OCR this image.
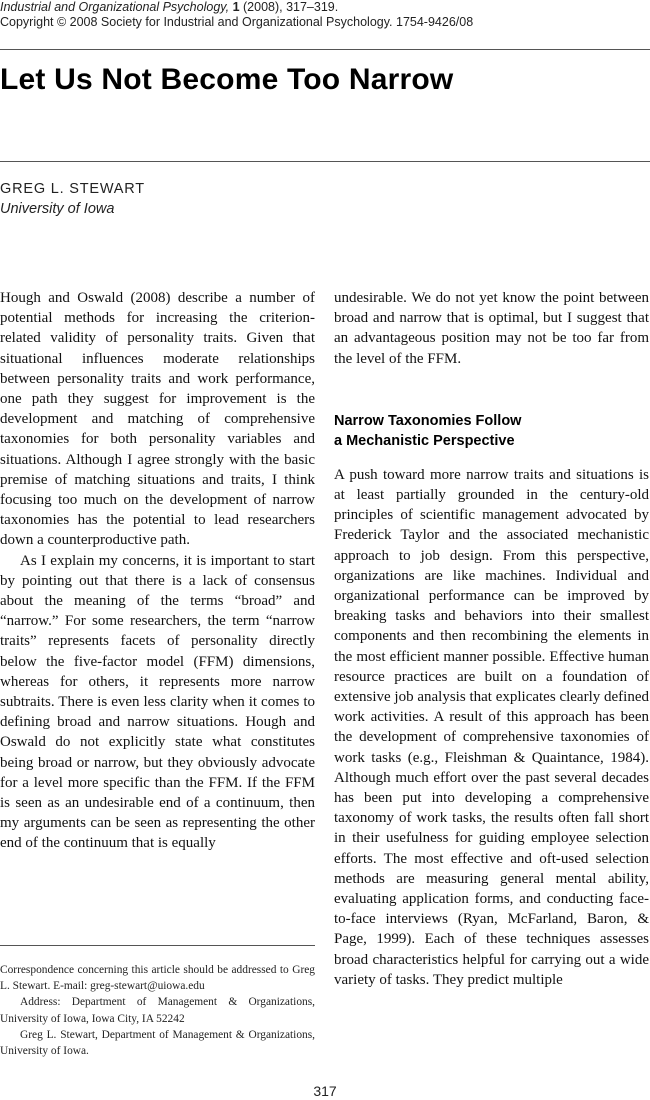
Industrial and Organizational Psychology, 1 (2008), 317–319.
Copyright © 2008 Society for Industrial and Organizational Psychology. 1754-9426/08
Let Us Not Become Too Narrow
GREG L. STEWART
University of Iowa

Hough and Oswald (2008) describe a number of potential methods for increasing the criterion-related validity of personality traits. Given that situational influences moderate relationships between personality traits and work performance, one path they suggest for improvement is the development and matching of comprehensive taxonomies for both personality variables and situations. Although I agree strongly with the basic premise of matching situations and traits, I think focusing too much on the development of narrow taxonomies has the potential to lead researchers down a counterproductive path.

As I explain my concerns, it is important to start by pointing out that there is a lack of consensus about the meaning of the terms “broad” and “narrow.” For some researchers, the term “narrow traits” represents facets of personality directly below the five-factor model (FFM) dimensions, whereas for others, it represents more narrow subtraits. There is even less clarity when it comes to defining broad and narrow situations. Hough and Oswald do not explicitly state what constitutes being broad or narrow, but they obviously advocate for a level more specific than the FFM. If the FFM is seen as an undesirable end of a continuum, then my arguments can be seen as representing the other end of the continuum that is equally

undesirable. We do not yet know the point between broad and narrow that is optimal, but I suggest that an advantageous position may not be too far from the level of the FFM.

Narrow Taxonomies Follow
a Mechanistic Perspective

A push toward more narrow traits and situations is at least partially grounded in the century-old principles of scientific management advocated by Frederick Taylor and the associated mechanistic approach to job design. From this perspective, organizations are like machines. Individual and organizational performance can be improved by breaking tasks and behaviors into their smallest components and then recombining the elements in the most efficient manner possible. Effective human resource practices are built on a foundation of extensive job analysis that explicates clearly defined work activities. A result of this approach has been the development of comprehensive taxonomies of work tasks (e.g., Fleishman & Quaintance, 1984). Although much effort over the past several decades has been put into developing a comprehensive taxonomy of work tasks, the results often fall short in their usefulness for guiding employee selection efforts. The most effective and oft-used selection methods are measuring general mental ability, evaluating application forms, and conducting face-to-face interviews (Ryan, McFarland, Baron, & Page, 1999). Each of these techniques assesses broad characteristics helpful for carrying out a wide variety of tasks. They predict multiple

Correspondence concerning this article should be addressed to Greg L. Stewart. E-mail: greg-stewart@uiowa.edu

Address: Department of Management & Organizations, University of Iowa, Iowa City, IA 52242

Greg L. Stewart, Department of Management & Organizations, University of Iowa.

317
